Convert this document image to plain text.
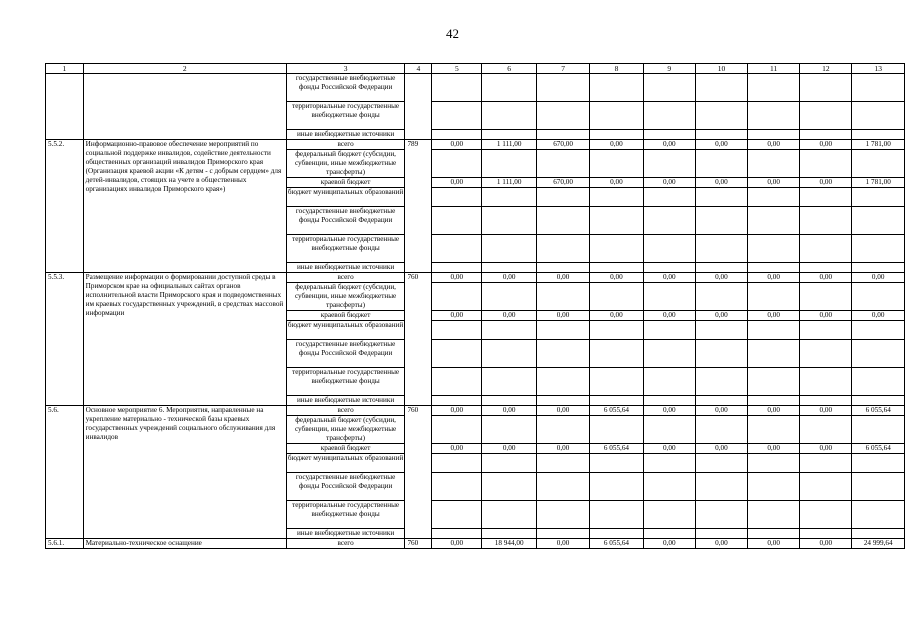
42
1	2	3	4	5	6	7	8	9	10	11	12	13
		государственные внебюджетные фонды Российской Федерации										
		территориальные государственные внебюджетные фонды										
		иные внебюджетные источники										
5.5.2.	Информационно-правовое обеспечение мероприятий по социальной поддержке инвалидов, содействие деятельности общественных организаций инвалидов Приморского края (Организация краевой акции «К детям - с добрым сердцем» для детей-инвалидов, стоящих на учете в общественных организациях инвалидов Приморского края»)	всего	789	0,00	1 111,00	670,00	0,00	0,00	0,00	0,00	0,00	1 781,00
		федеральный бюджет (субсидии, субвенции, иные межбюджетные трансферты)										
		краевой бюджет		0,00	1 111,00	670,00	0,00	0,00	0,00	0,00	0,00	1 781,00
		бюджет муниципальных образований										
		государственные внебюджетные фонды Российской Федерации										
		территориальные государственные внебюджетные фонды										
		иные внебюджетные источники										
5.5.3.	Размещение информации о формировании доступной среды в Приморском крае на официальных сайтах органов исполнительной власти Приморского края и подведомственных им краевых государственных учреждений, в средствах массовой информации	всего	760	0,00	0,00	0,00	0,00	0,00	0,00	0,00	0,00	0,00
		федеральный бюджет (субсидии, субвенции, иные межбюджетные трансферты)										
		краевой бюджет		0,00	0,00	0,00	0,00	0,00	0,00	0,00	0,00	0,00
		бюджет муниципальных образований										
		государственные внебюджетные фонды Российской Федерации										
		территориальные государственные внебюджетные фонды										
		иные внебюджетные источники										
5.6.	Основное мероприятие 6. Мероприятия, направленные на укрепление материально - технической базы краевых государственных учреждений социального обслуживания для инвалидов	всего	760	0,00	0,00	0,00	6 055,64	0,00	0,00	0,00	0,00	6 055,64
		федеральный бюджет (субсидии, субвенции, иные межбюджетные трансферты)										
		краевой бюджет		0,00	0,00	0,00	6 055,64	0,00	0,00	0,00	0,00	6 055,64
		бюджет муниципальных образований										
		государственные внебюджетные фонды Российской Федерации										
		территориальные государственные внебюджетные фонды										
		иные внебюджетные источники										
5.6.1.	Материально-техническое оснащение	всего	760	0,00	18 944,00	0,00	6 055,64	0,00	0,00	0,00	0,00	24 999,64
